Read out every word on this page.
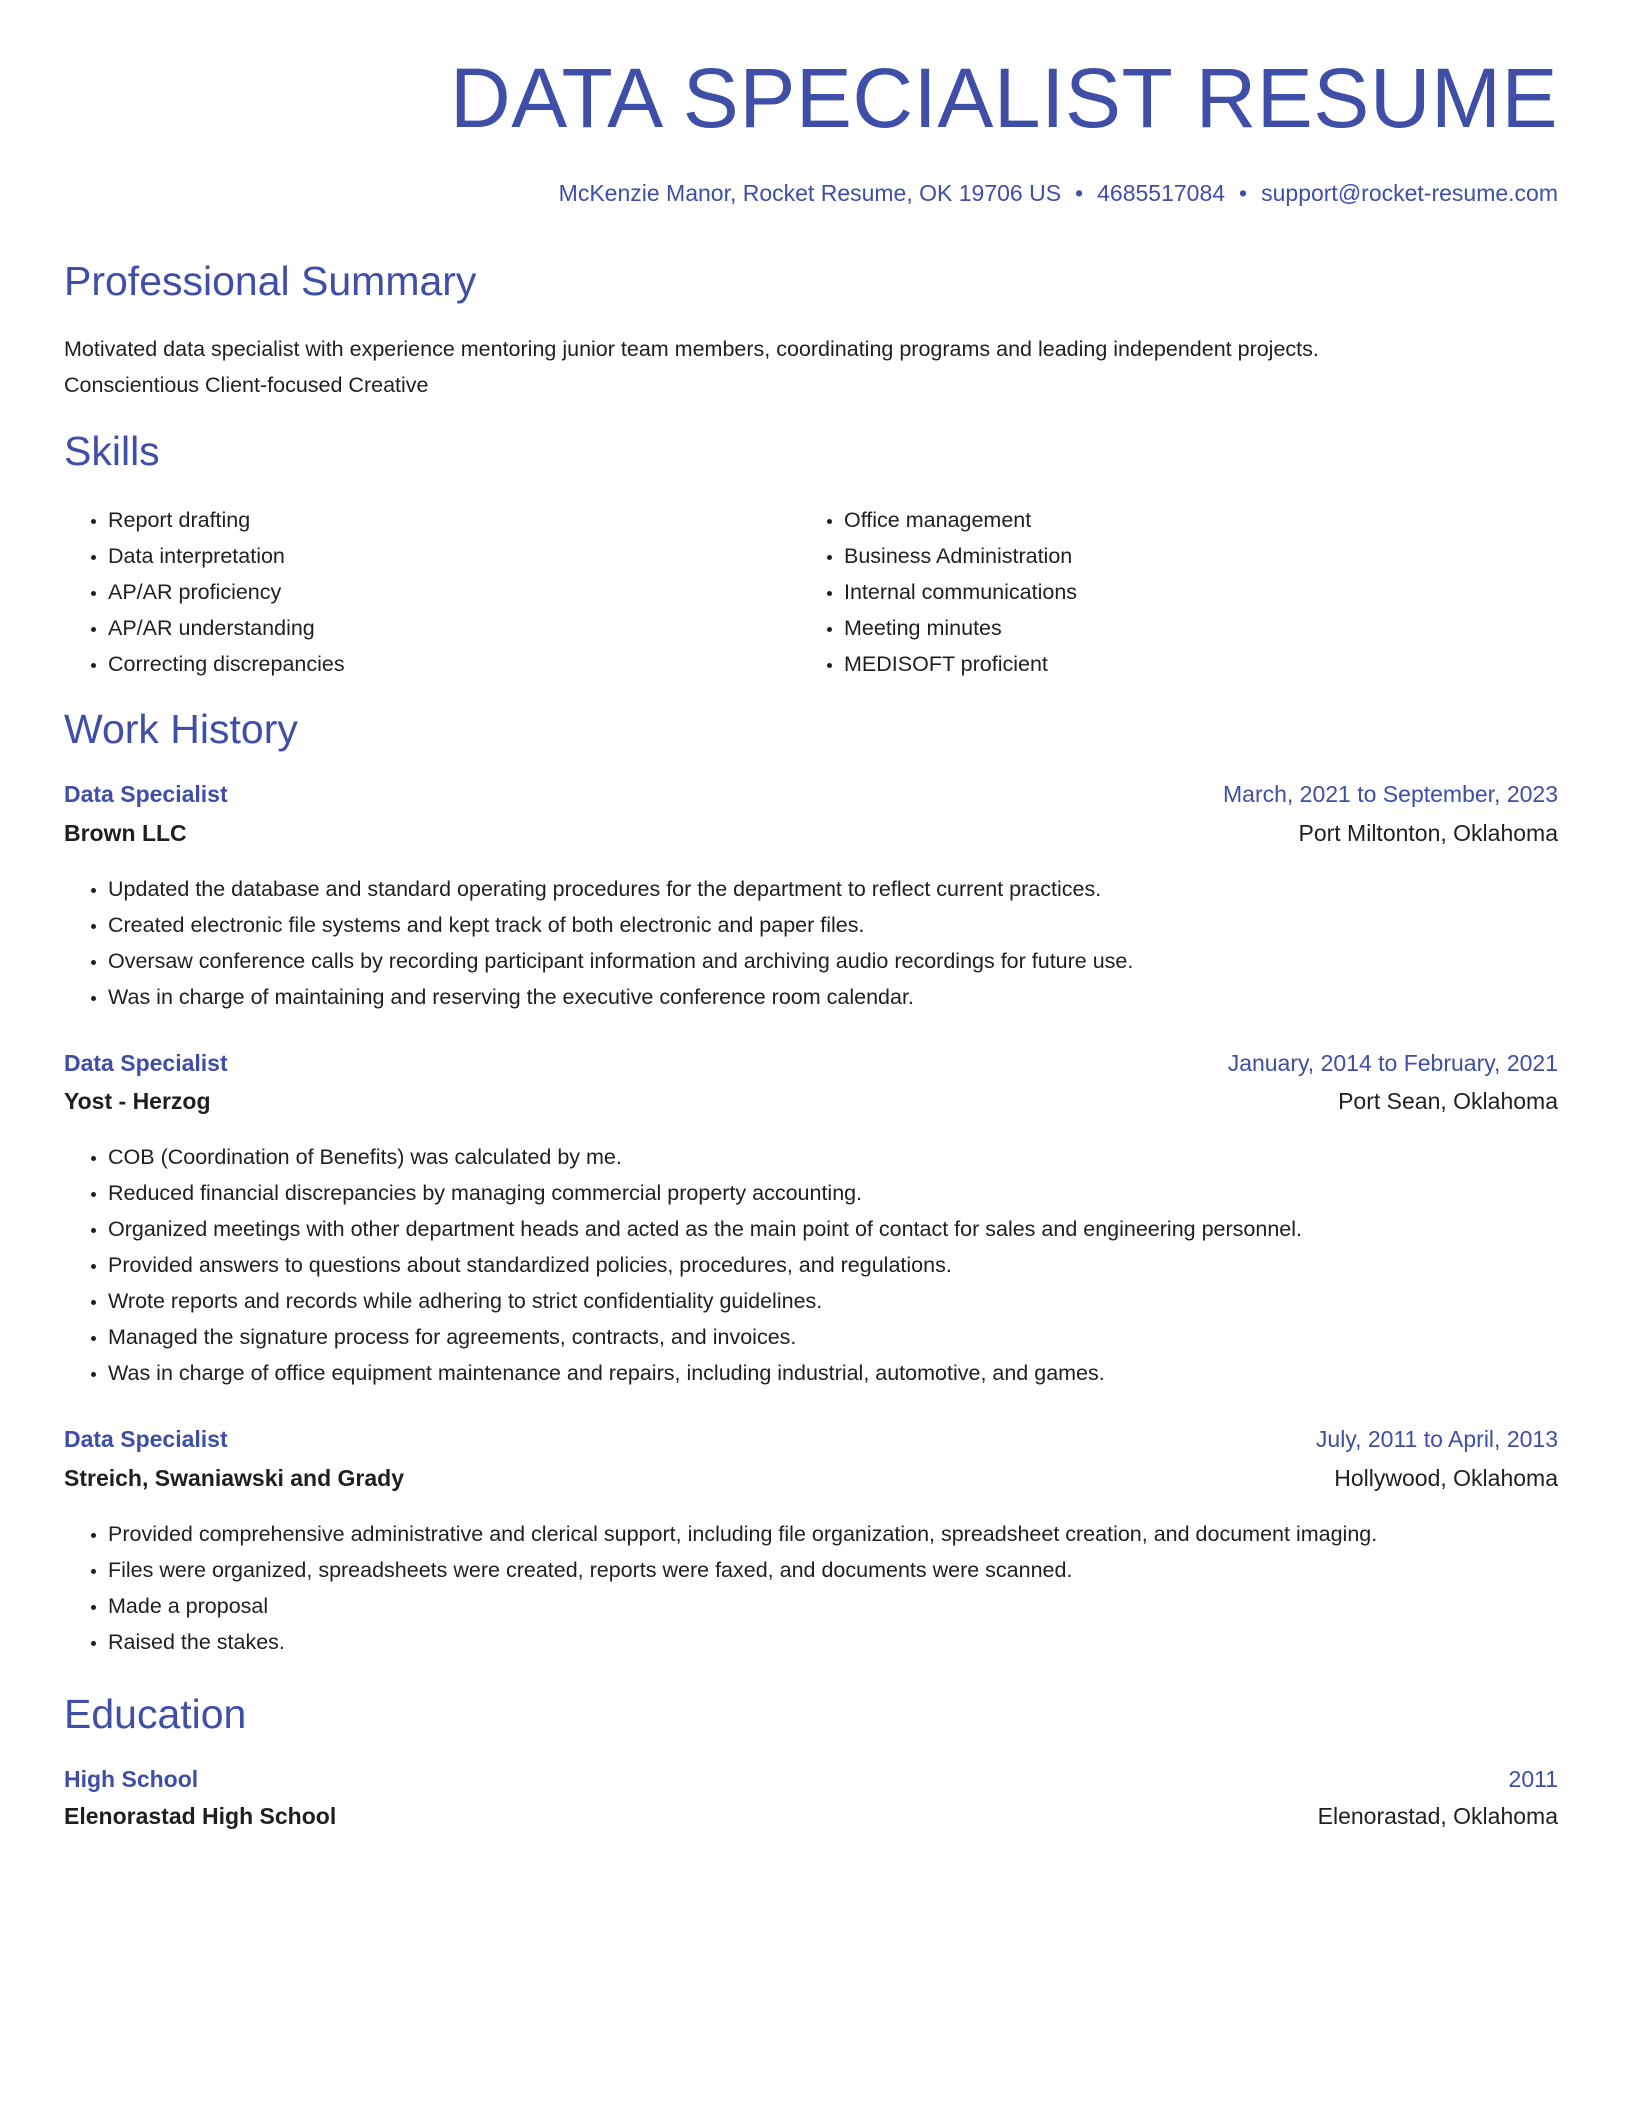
DATA SPECIALIST RESUME
McKenzie Manor, Rocket Resume, OK 19706 US • 4685517084 • support@rocket-resume.com
Professional Summary

Motivated data specialist with experience mentoring junior team members, coordinating programs and leading independent projects.

Conscientious Client-focused Creative

Skills
• Report drafting
• Data interpretation
• AP/AR proficiency
• AP/AR understanding
• Correcting discrepancies
• Office management
• Business Administration
• Internal communications
• Meeting minutes
• MEDISOFT proficient
Work History
Data Specialist	March, 2021 to September, 2023
Brown LLC	Port Miltonton, Oklahoma
• Updated the database and standard operating procedures for the department to reflect current practices.
• Created electronic file systems and kept track of both electronic and paper files.
• Oversaw conference calls by recording participant information and archiving audio recordings for future use.
• Was in charge of maintaining and reserving the executive conference room calendar.
Data Specialist	January, 2014 to February, 2021
Yost - Herzog	Port Sean, Oklahoma
• COB (Coordination of Benefits) was calculated by me.
• Reduced financial discrepancies by managing commercial property accounting.
• Organized meetings with other department heads and acted as the main point of contact for sales and engineering personnel.
• Provided answers to questions about standardized policies, procedures, and regulations.
• Wrote reports and records while adhering to strict confidentiality guidelines.
• Managed the signature process for agreements, contracts, and invoices.
• Was in charge of office equipment maintenance and repairs, including industrial, automotive, and games.
Data Specialist	July, 2011 to April, 2013
Streich, Swaniawski and Grady	Hollywood, Oklahoma
• Provided comprehensive administrative and clerical support, including file organization, spreadsheet creation, and document imaging.
• Files were organized, spreadsheets were created, reports were faxed, and documents were scanned.
• Made a proposal
• Raised the stakes.
Education
High School	2011
Elenorastad High School	Elenorastad, Oklahoma
